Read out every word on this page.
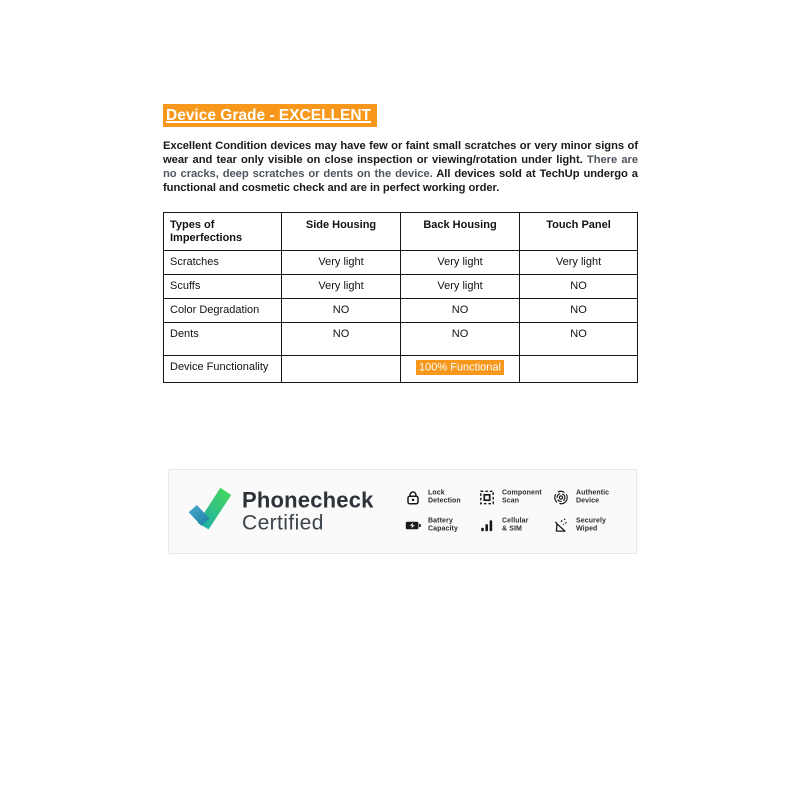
Device Grade - EXCELLENT

Excellent Condition devices may have few or faint small scratches or very minor signs of wear and tear only visible on close inspection or viewing/rotation under light. There are no cracks, deep scratches or dents on the device. All devices sold at TechUp undergo a functional and cosmetic check and are in perfect working order.

Types of Imperfections	Side Housing	Back Housing	Touch Panel
Scratches	Very light	Very light	Very light
Scuffs	Very light	Very light	NO
Color Degradation	NO	NO	NO
Dents	NO	NO	NO
Device Functionality		100% Functional	
Phonecheck
Certified
Lock
Detection
Component
Scan
Authentic
Device
Battery
Capacity
Cellular
& SIM
Securely
Wiped
